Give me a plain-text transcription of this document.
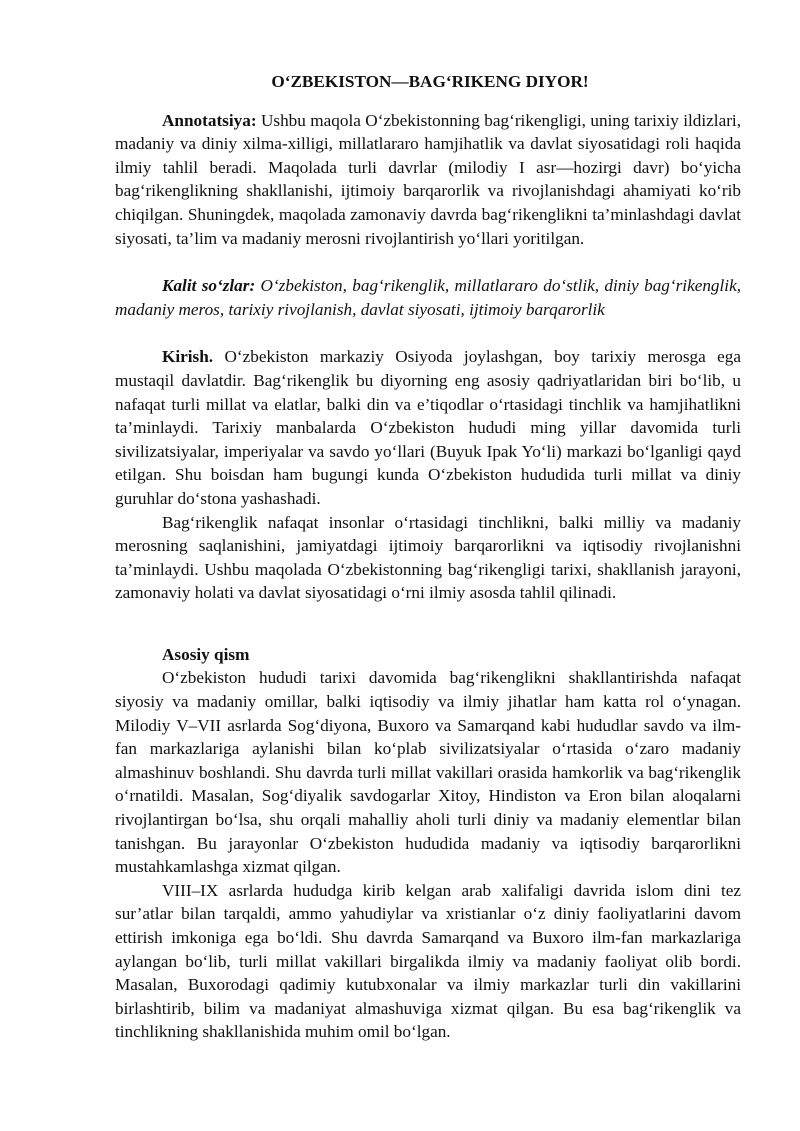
O‘ZBEKISTON—BAG‘RIKENG DIYOR!

Annotatsiya: Ushbu maqola O‘zbekistonning bag‘rikengligi, uning tarixiy ildizlari, madaniy va diniy xilma-xilligi, millatlararo hamjihatlik va davlat siyosatidagi roli haqida ilmiy tahlil beradi. Maqolada turli davrlar (milodiy I asr—hozirgi davr) bo‘yicha bag‘rikenglikning shakllanishi, ijtimoiy barqarorlik va rivojlanishdagi ahamiyati ko‘rib chiqilgan. Shuningdek, maqolada zamonaviy davrda bag‘rikenglikni ta’minlashdagi davlat siyosati, ta’lim va madaniy merosni rivojlantirish yo‘llari yoritilgan.

Kalit so‘zlar: O‘zbekiston, bag‘rikenglik, millatlararo do‘stlik, diniy bag‘rikenglik, madaniy meros, tarixiy rivojlanish, davlat siyosati, ijtimoiy barqarorlik

Kirish. O‘zbekiston markaziy Osiyoda joylashgan, boy tarixiy merosga ega mustaqil davlatdir. Bag‘rikenglik bu diyorning eng asosiy qadriyatlaridan biri bo‘lib, u nafaqat turli millat va elatlar, balki din va e’tiqodlar o‘rtasidagi tinchlik va hamjihatlikni ta’minlaydi. Tarixiy manbalarda O‘zbekiston hududi ming yillar davomida turli sivilizatsiyalar, imperiyalar va savdo yo‘llari (Buyuk Ipak Yo‘li) markazi bo‘lganligi qayd etilgan. Shu boisdan ham bugungi kunda O‘zbekiston hududida turli millat va diniy guruhlar do‘stona yashashadi.

Bag‘rikenglik nafaqat insonlar o‘rtasidagi tinchlikni, balki milliy va madaniy merosning saqlanishini, jamiyatdagi ijtimoiy barqarorlikni va iqtisodiy rivojlanishni ta’minlaydi. Ushbu maqolada O‘zbekistonning bag‘rikengligi tarixi, shakllanish jarayoni, zamonaviy holati va davlat siyosatidagi o‘rni ilmiy asosda tahlil qilinadi.

Asosiy qism

O‘zbekiston hududi tarixi davomida bag‘rikenglikni shakllantirishda nafaqat siyosiy va madaniy omillar, balki iqtisodiy va ilmiy jihatlar ham katta rol o‘ynagan. Milodiy V–VII asrlarda Sog‘diyona, Buxoro va Samarqand kabi hududlar savdo va ilm-fan markazlariga aylanishi bilan ko‘plab sivilizatsiyalar o‘rtasida o‘zaro madaniy almashinuv boshlandi. Shu davrda turli millat vakillari orasida hamkorlik va bag‘rikenglik o‘rnatildi. Masalan, Sog‘diyalik savdogarlar Xitoy, Hindiston va Eron bilan aloqalarni rivojlantirgan bo‘lsa, shu orqali mahalliy aholi turli diniy va madaniy elementlar bilan tanishgan. Bu jarayonlar O‘zbekiston hududida madaniy va iqtisodiy barqarorlikni mustahkamlashga xizmat qilgan.

VIII–IX asrlarda hududga kirib kelgan arab xalifaligi davrida islom dini tez sur’atlar bilan tarqaldi, ammo yahudiylar va xristianlar o‘z diniy faoliyatlarini davom ettirish imkoniga ega bo‘ldi. Shu davrda Samarqand va Buxoro ilm-fan markazlariga aylangan bo‘lib, turli millat vakillari birgalikda ilmiy va madaniy faoliyat olib bordi. Masalan, Buxorodagi qadimiy kutubxonalar va ilmiy markazlar turli din vakillarini birlashtirib, bilim va madaniyat almashuviga xizmat qilgan. Bu esa bag‘rikenglik va tinchlikning shakllanishida muhim omil bo‘lgan.
